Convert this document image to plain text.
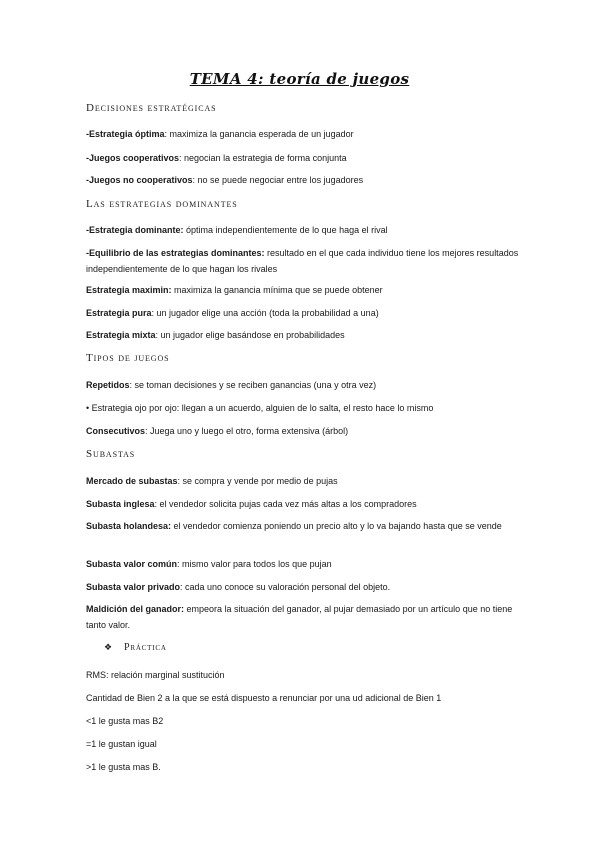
TEMA 4: teoría de juegos
Decisiones estratégicas
-Estrategia óptima: maximiza la ganancia esperada de un jugador
-Juegos cooperativos: negocian la estrategia de forma conjunta
-Juegos no cooperativos: no se puede negociar entre los jugadores
Las estrategias dominantes
-Estrategia dominante: óptima independientemente de lo que haga el rival
-Equilibrio de las estrategias dominantes: resultado en el que cada individuo tiene los mejores resultados independientemente de lo que hagan los rivales
Estrategia maximin: maximiza la ganancia mínima que se puede obtener
Estrategia pura: un jugador elige una acción (toda la probabilidad a una)
Estrategia mixta: un jugador elige basándose en probabilidades
Tipos de juegos
Repetidos: se toman decisiones y se reciben ganancias (una y otra vez)
• Estrategia ojo por ojo: llegan a un acuerdo, alguien de lo salta, el resto hace lo mismo
Consecutivos: Juega uno y luego el otro, forma extensiva (árbol)
Subastas
Mercado de subastas: se compra y vende por medio de pujas
Subasta inglesa: el vendedor solicita pujas cada vez más altas a los compradores
Subasta holandesa: el vendedor comienza poniendo un precio alto y lo va bajando hasta que se vende
Subasta valor común: mismo valor para todos los que pujan
Subasta valor privado: cada uno conoce su valoración personal del objeto.
Maldición del ganador: empeora la situación del ganador, al pujar demasiado por un artículo que no tiene tanto valor.
❖ Práctica
RMS: relación marginal sustitución
Cantidad de Bien 2 a la que se está dispuesto a renunciar por una ud adicional de Bien 1
<1 le gusta mas B2
=1 le gustan igual
>1 le gusta mas B.
